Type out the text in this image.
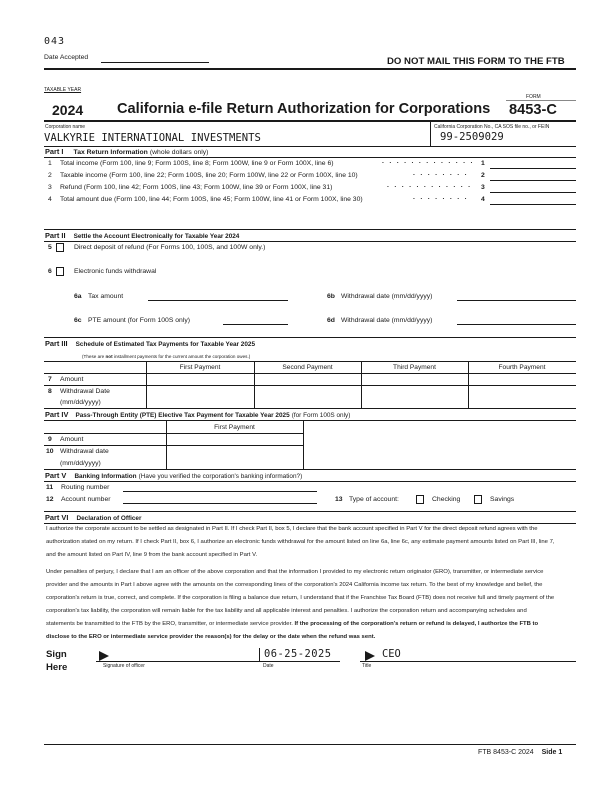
043
Date Accepted	DO NOT MAIL THIS FORM TO THE FTB
TAXABLE YEAR
2024 California e-file Return Authorization for Corporations
FORM
8453-C
Corporation name
VALKYRIE INTERNATIONAL INVESTMENTS
California Corporation No., CA SOS file no., or FEIN
99-2509029
Part I Tax Return Information (whole dollars only)
1 Total income (Form 100, line 9; Form 100S, line 8; Form 100W, line 9 or Form 100X, line 6)	. . . . . . . . . . . . . 1
2 Taxable income (Form 100, line 22; Form 100S, line 20; Form 100W, line 22 or Form 100X, line 10)	. . . . . . . . 2
3 Refund (Form 100, line 42; Form 100S, line 43; Form 100W, line 39 or Form 100X, line 31)	. . . . . . . . . . . . 3
4 Total amount due (Form 100, line 44; Form 100S, line 45; Form 100W, line 41 or Form 100X, line 30)	. . . . . . . . 4
Part II Settle the Account Electronically for Taxable Year 2024
5	Direct deposit of refund (For Forms 100, 100S, and 100W only.)
6	Electronic funds withdrawal
6a Tax amount	6b Withdrawal date (mm/dd/yyyy)
6c PTE amount (for Form 100S only)	6d Withdrawal date (mm/dd/yyyy)
Part III Schedule of Estimated Tax Payments for Taxable Year 2025
(These are not installment payments for the current amount the corporation owes.)
First Payment	Second Payment	Third Payment	Fourth Payment
7 Amount
8 Withdrawal Date
(mm/dd/yyyy)
Part IV Pass-Through Entity (PTE) Elective Tax Payment for Taxable Year 2025 (for Form 100S only)
First Payment
9 Amount
10 Withdrawal date
(mm/dd/yyyy)
Part V Banking Information (Have you verified the corporation's banking information?)
11 Routing number
12 Account number	13 Type of account:	Checking	Savings
Part VI Declaration of Officer
I authorize the corporate account to be settled as designated in Part II. If I check Part II, box 5, I declare that the bank account specified in Part V for the direct deposit refund agrees with the authorization stated on my return. If I check Part II, box 6, I authorize an electronic funds withdrawal for the amount listed on line 6a, line 6c, any estimate payment amounts listed on Part III, line 7, and the amount listed on Part IV, line 9 from the bank account specified in Part V.
Under penalties of perjury, I declare that I am an officer of the above corporation and that the information I provided to my electronic return originator (ERO), transmitter, or intermediate service provider and the amounts in Part I above agree with the amounts on the corresponding lines of the corporation's 2024 California income tax return. To the best of my knowledge and belief, the corporation's return is true, correct, and complete. If the corporation is filing a balance due return, I understand that if the Franchise Tax Board (FTB) does not receive full and timely payment of the corporation's tax liability, the corporation will remain liable for the tax liability and all applicable interest and penalties. I authorize the corporation return and accompanying schedules and statements be transmitted to the FTB by the ERO, transmitter, or intermediate service provider. If the processing of the corporation's return or refund is delayed, I authorize the FTB to disclose to the ERO or intermediate service provider the reason(s) for the delay or the date when the refund was sent.
Sign
Here
06-25-2025
Signature of officer	Date
CEO
Title
FTB 8453-C 2024 Side 1
